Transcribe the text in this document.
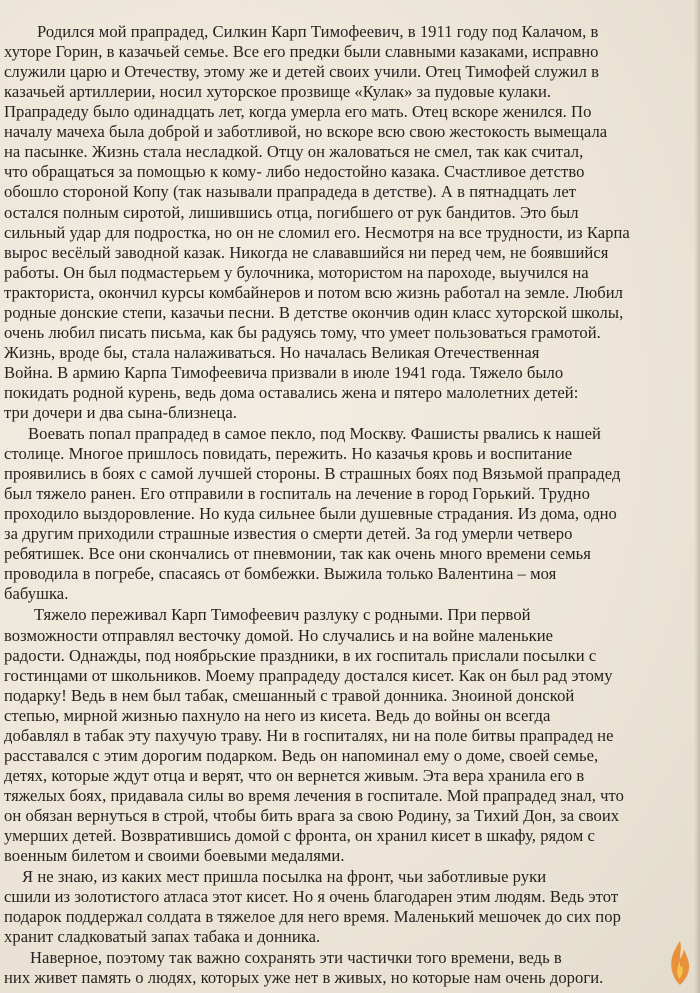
Родился мой прапрадед, Силкин Карп Тимофеевич, в 1911 году под Калачом, в
хуторе Горин, в казачьей семье. Все его предки были славными казаками, исправно
служили царю и Отечеству, этому же и детей своих учили. Отец Тимофей служил в
казачьей артиллерии, носил хуторское прозвище «Кулак» за пудовые кулаки.
Прапрадеду было одинадцать лет, когда умерла его мать. Отец вскоре женился. По
началу мачеха была доброй и заботливой, но вскоре всю свою жестокость вымещала
на пасынке. Жизнь стала несладкой. Отцу он жаловаться не смел, так как считал,
что обращаться за помощью к кому- либо недостойно казака. Счастливое детство
обошло стороной Копу (так называли прапрадеда в детстве). А в пятнадцать лет
остался полным сиротой, лишившись отца, погибшего от рук бандитов. Это был
сильный удар для подростка, но он не сломил его. Несмотря на все трудности, из Карпа
вырос весёлый заводной казак. Никогда не слававшийся ни перед чем, не боявшийся
работы. Он был подмастерьем у булочника, мотористом на пароходе, выучился на
тракториста, окончил курсы комбайнеров и потом всю жизнь работал на земле. Любил
родные донские степи, казачьи песни. В детстве окончив один класс хуторской школы,
очень любил писать письма, как бы радуясь тому, что умеет пользоваться грамотой.
Жизнь, вроде бы, стала налаживаться. Но началась Великая Отечественная
Война. В армию Карпа Тимофеевича призвали в июле 1941 года. Тяжело было
покидать родной курень, ведь дома оставались жена и пятеро малолетних детей:
три дочери и два сына-близнеца.
Воевать попал прапрадед в самое пекло, под Москву. Фашисты рвались к нашей
столице. Многое пришлось повидать, пережить. Но казачья кровь и воспитание
проявились в боях с самой лучшей стороны. В страшных боях под Вязьмой прапрадед
был тяжело ранен. Его отправили в госпиталь на лечение в город Горький. Трудно
проходило выздоровление. Но куда сильнее были душевные страдания. Из дома, одно
за другим приходили страшные известия о смерти детей. За год умерли четверо
ребятишек. Все они скончались от пневмонии, так как очень много времени семья
проводила в погребе, спасаясь от бомбежки. Выжила только Валентина – моя
бабушка.
Тяжело переживал Карп Тимофеевич разлуку с родными. При первой
возможности отправлял весточку домой. Но случались и на войне маленькие
радости. Однажды, под ноябрьские праздники, в их госпиталь прислали посылки с
гостинцами от школьников. Моему прапрадеду достался кисет. Как он был рад этому
подарку! Ведь в нем был табак, смешанный с травой донника. Зноиной донской
степью, мирной жизнью пахнуло на него из кисета. Ведь до войны он всегда
добавлял в табак эту пахучую траву. Ни в госпиталях, ни на поле битвы прапрадед не
расставался с этим дорогим подарком. Ведь он напоминал ему о доме, своей семье,
детях, которые ждут отца и верят, что он вернется живым. Эта вера хранила его в
тяжелых боях, придавала силы во время лечения в госпитале. Мой прапрадед знал, что
он обязан вернуться в строй, чтобы бить врага за свою Родину, за Тихий Дон, за своих
умерших детей. Возвратившись домой с фронта, он хранил кисет в шкафу, рядом с
военным билетом и своими боевыми медалями.
Я не знаю, из каких мест пришла посылка на фронт, чьи заботливые руки
сшили из золотистого атласа этот кисет. Но я очень благодарен этим людям. Ведь этот
подарок поддержал солдата в тяжелое для него время. Маленький мешочек до сих пор
хранит сладковатый запах табака и донника.
Наверное, поэтому так важно сохранять эти частички того времени, ведь в
них живет память о людях, которых уже нет в живых, но которые нам очень дороги.
